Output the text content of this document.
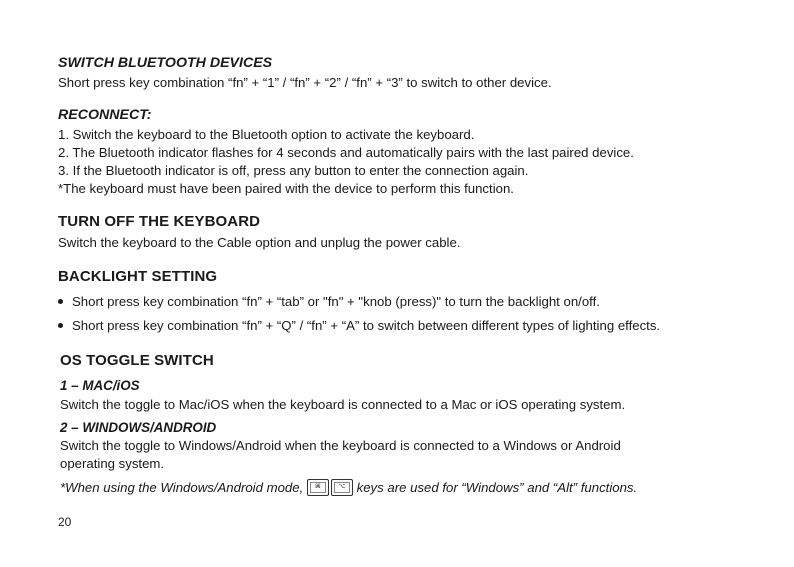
SWITCH BLUETOOTH DEVICES
Short press key combination “fn” + “1” / “fn” + “2” / “fn” + “3” to switch to other device.
RECONNECT:
1. Switch the keyboard to the Bluetooth option to activate the keyboard.
2. The Bluetooth indicator flashes for 4 seconds and automatically pairs with the last paired device.
3. If the Bluetooth indicator is off, press any button to enter the connection again.
*The keyboard must have been paired with the device to perform this function.
TURN OFF THE KEYBOARD
Switch the keyboard to the Cable option and unplug the power cable.
BACKLIGHT SETTING
Short press key combination “fn” + “tab” or "fn" + "knob (press)" to turn the backlight on/off.
Short press key combination “fn” + “Q” / “fn” + “A” to switch between different types of lighting effects.
OS TOGGLE SWITCH
1 – MAC/iOS
Switch the toggle to Mac/iOS when the keyboard is connected to a Mac or iOS operating system.
2 – WINDOWS/ANDROID
Switch the toggle to Windows/Android when the keyboard is connected to a Windows or Android
operating system.
*When using the Windows/Android mode, ⌘	⌥ keys are used for “Windows” and “Alt” functions.
20
